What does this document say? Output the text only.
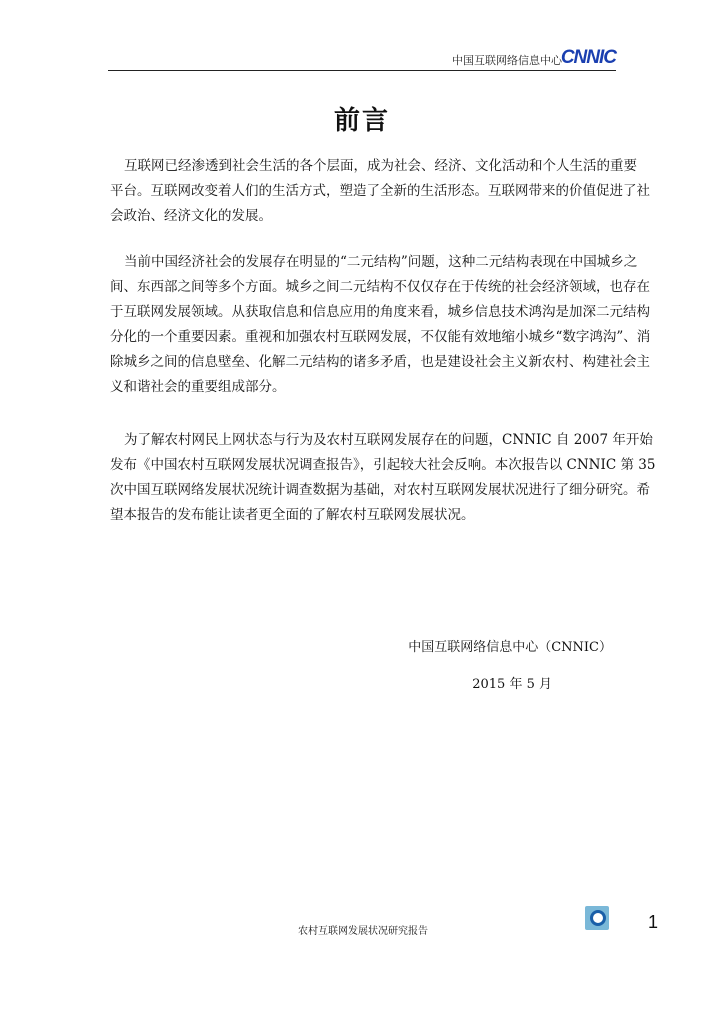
中国互联网络信息中心
CNNIC
前言
互联网已经渗透到社会生活的各个层面，成为社会、经济、文化活动和个人生活的重要
平台。互联网改变着人们的生活方式，塑造了全新的生活形态。互联网带来的价值促进了社
会政治、经济文化的发展。
当前中国经济社会的发展存在明显的“二元结构”问题，这种二元结构表现在中国城乡之
间、东西部之间等多个方面。城乡之间二元结构不仅仅存在于传统的社会经济领域，也存在
于互联网发展领域。从获取信息和信息应用的角度来看，城乡信息技术鸿沟是加深二元结构
分化的一个重要因素。重视和加强农村互联网发展，不仅能有效地缩小城乡“数字鸿沟”、消
除城乡之间的信息壁垒、化解二元结构的诸多矛盾，也是建设社会主义新农村、构建社会主
义和谐社会的重要组成部分。
为了解农村网民上网状态与行为及农村互联网发展存在的问题，CNNIC 自 2007 年开始
发布《中国农村互联网发展状况调查报告》，引起较大社会反响。本次报告以 CNNIC 第 35
次中国互联网络发展状况统计调查数据为基础，对农村互联网发展状况进行了细分研究。希
望本报告的发布能让读者更全面的了解农村互联网发展状况。
中国互联网络信息中心（CNNIC）
2015 年 5 月
农村互联网发展状况研究报告	1
